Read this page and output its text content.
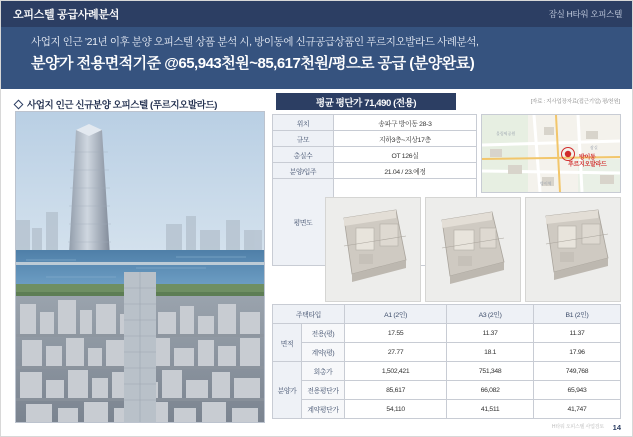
오피스텔 공급사례분석	잠실 H타워 오피스텔
사업지 인근 ’21년 이후 분양 오피스텔 상품 분석 시, 방이동에 신규공급상품인 푸르지오발라드 사례분석,
분양가 전용면적기준 @65,943천원~85,617천원/평으로 공급 (분양완료)
사업지 인근 신규분양 오피스텔 (푸르지오발라드)	평균 평단가 71,490 (전용)	[자료 : 지사업장자료(접근기업) 평/천원]
위치	송파구 방이동 28-3
규모	지하3층~지상17층
총실수	OT 126실
분양/입주	21.04 / 23.예정
평면도	
올림픽공원
방이역
잠실
방이동
푸르지오발라드
주택타입		A1 (2인)	A3 (2인)	B1 (2인)
면적	전용(평)	17.55	11.37	11.37
	계약(평)	27.77	18.1	17.96
분양가	회총가	1,502,421	751,348	749,768
	전용평단가	85,617	66,082	65,943
	계약평단가	54,110	41,511	41,747
H타워 오피스텔 사업검토 14
